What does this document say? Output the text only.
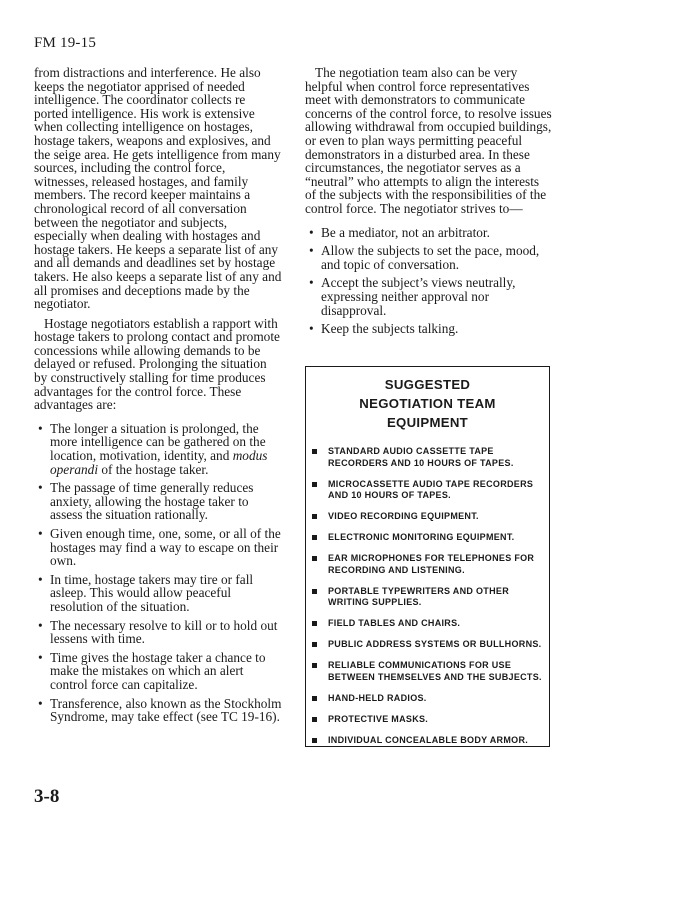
FM 19-15

from distractions and interference. He also keeps the negotiator apprised of needed intelligence. The coordinator collects re ported intelligence. His work is extensive when collecting intelligence on hostages, hostage takers, weapons and explosives, and the seige area. He gets intelligence from many sources, including the control force, witnesses, released hostages, and family members. The record keeper maintains a chronological record of all conversation between the negotiator and subjects, especially when dealing with hostages and hostage takers. He keeps a separate list of any and all demands and deadlines set by hostage takers. He also keeps a separate list of any and all promises and deceptions made by the negotiator.

Hostage negotiators establish a rapport with hostage takers to prolong contact and promote concessions while allowing demands to be delayed or refused. Prolonging the situation by constructively stalling for time produces advantages for the control force. These advantages are:

• The longer a situation is prolonged, the more intelligence can be gathered on the location, motivation, identity, and modus operandi of the hostage taker.
• The passage of time generally reduces anxiety, allowing the hostage taker to assess the situation rationally.
• Given enough time, one, some, or all of the hostages may find a way to escape on their own.
• In time, hostage takers may tire or fall asleep. This would allow peaceful resolution of the situation.
• The necessary resolve to kill or to hold out lessens with time.
• Time gives the hostage taker a chance to make the mistakes on which an alert control force can capitalize.
• Transference, also known as the Stockholm Syndrome, may take effect (see TC 19-16).

The negotiation team also can be very helpful when control force representatives meet with demonstrators to communicate concerns of the control force, to resolve issues allowing withdrawal from occupied buildings, or even to plan ways permitting peaceful demonstrators in a disturbed area. In these circumstances, the negotiator serves as a “neutral” who attempts to align the interests of the subjects with the responsibilities of the control force. The negotiator strives to—

• Be a mediator, not an arbitrator.
• Allow the subjects to set the pace, mood, and topic of conversation.
• Accept the subject’s views neutrally, expressing neither approval nor disapproval.
• Keep the subjects talking.
SUGGESTED
NEGOTIATION TEAM
EQUIPMENT
STANDARD AUDIO CASSETTE TAPE RECORDERS AND 10 HOURS OF TAPES.
MICROCASSETTE AUDIO TAPE RECORDERS AND 10 HOURS OF TAPES.
VIDEO RECORDING EQUIPMENT.
ELECTRONIC MONITORING EQUIPMENT.
EAR MICROPHONES FOR TELEPHONES FOR RECORDING AND LISTENING.
PORTABLE TYPEWRITERS AND OTHER WRITING SUPPLIES.
FIELD TABLES AND CHAIRS.
PUBLIC ADDRESS SYSTEMS OR BULLHORNS.
RELIABLE COMMUNICATIONS FOR USE BETWEEN THEMSELVES AND THE SUBJECTS.
HAND-HELD RADIOS.
PROTECTIVE MASKS.
INDIVIDUAL CONCEALABLE BODY ARMOR.
3-8
